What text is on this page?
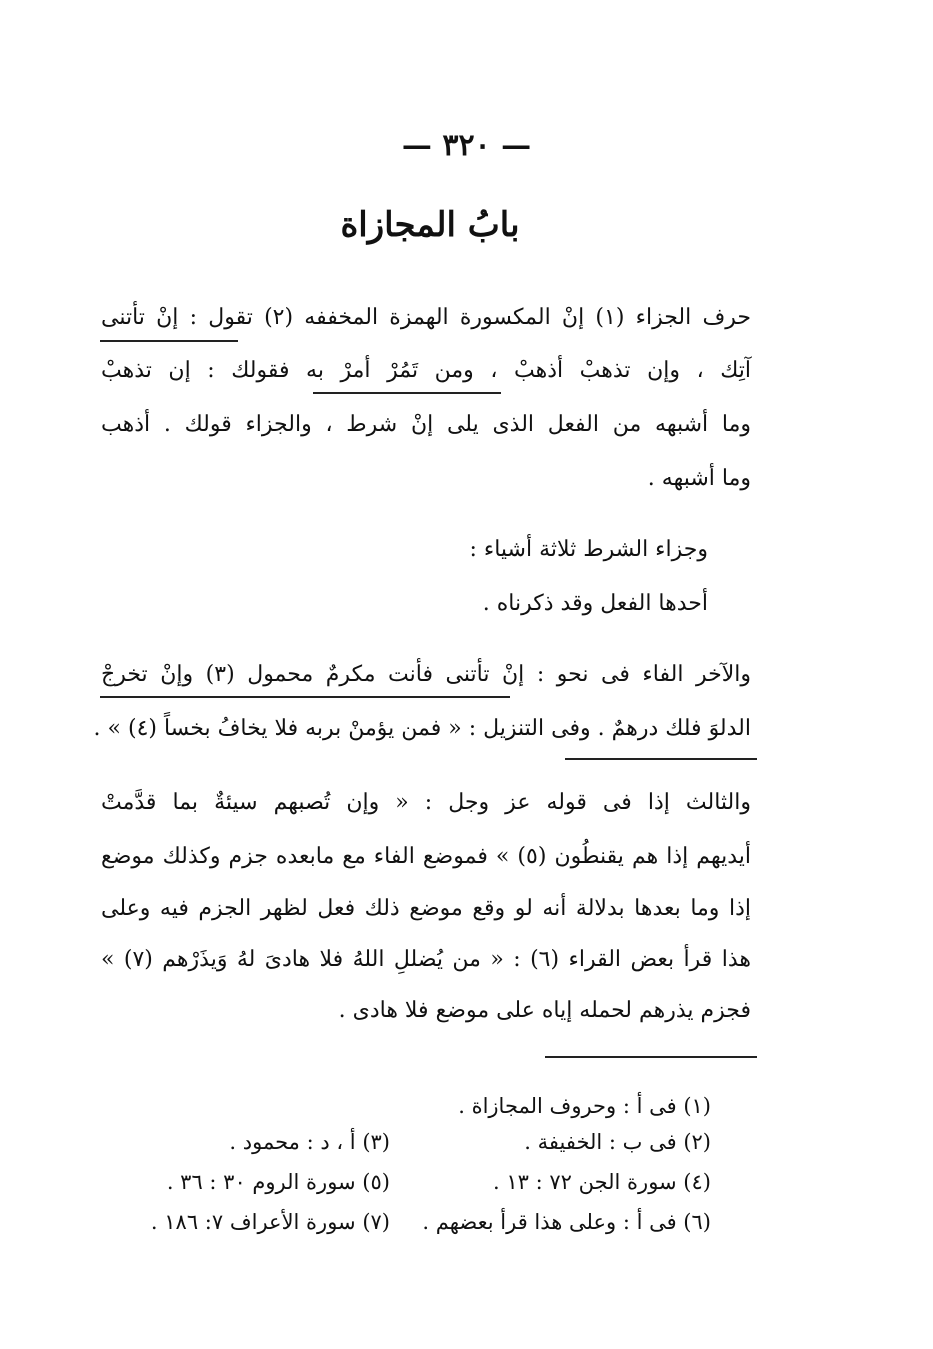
— ٣٢٠ —
بابُ المجازاة
حرف الجزاء (١) إنْ المكسورة الهمزة المخففه (٢) تقول : إنْ تأتنى
آتِك ، وإن تذهبْ أذهبْ ، ومن تَمُرْ أمرْ به فقولك : إن تذهبْ
وما أشبهه من الفعل الذى يلى إنْ شرط ، والجزاء قولك . أذهب
وما أشبهه .
وجزاء الشرط ثلاثة أشياء :
أحدها الفعل وقد ذكرناه .
والآخر الفاء فى نحو : إنْ تأتنى فأنت مكرمٌ محمول (٣) وإنْ تخرجْ
الدلوَ فلك درهمٌ . وفى التنزيل : « فمن يؤمنْ بربه فلا يخافُ بخساً (٤) » .
والثالث إذا فى قوله عز وجل : « وإن تُصبهم سيئةٌ بما قدَّمتْ
أيديهم إذا هم يقنطُون (٥) » فموضع الفاء مع مابعده جزم وكذلك موضع
إذا وما بعدها بدلالة أنه لو وقع موضع ذلك فعل لظهر الجزم فيه وعلى
هذا قرأ بعض القراء (٦) : « من يُضللِ اللهُ فلا هادىَ لهُ وَيذَرْهم (٧) »
فجزم يذرهم لحمله إياه على موضع فلا هادى .
(١) فى أ : وحروف المجازاة .
(٢) فى ب : الخفيفة .
(٤) سورة الجن ٧٢ : ١٣ .
(٦) فى أ : وعلى هذا قرأ بعضهم .
(٣) أ ، د : محمود .
(٥) سورة الروم ٣٠ : ٣٦ .
(٧) سورة الأعراف ٧: ١٨٦ .
